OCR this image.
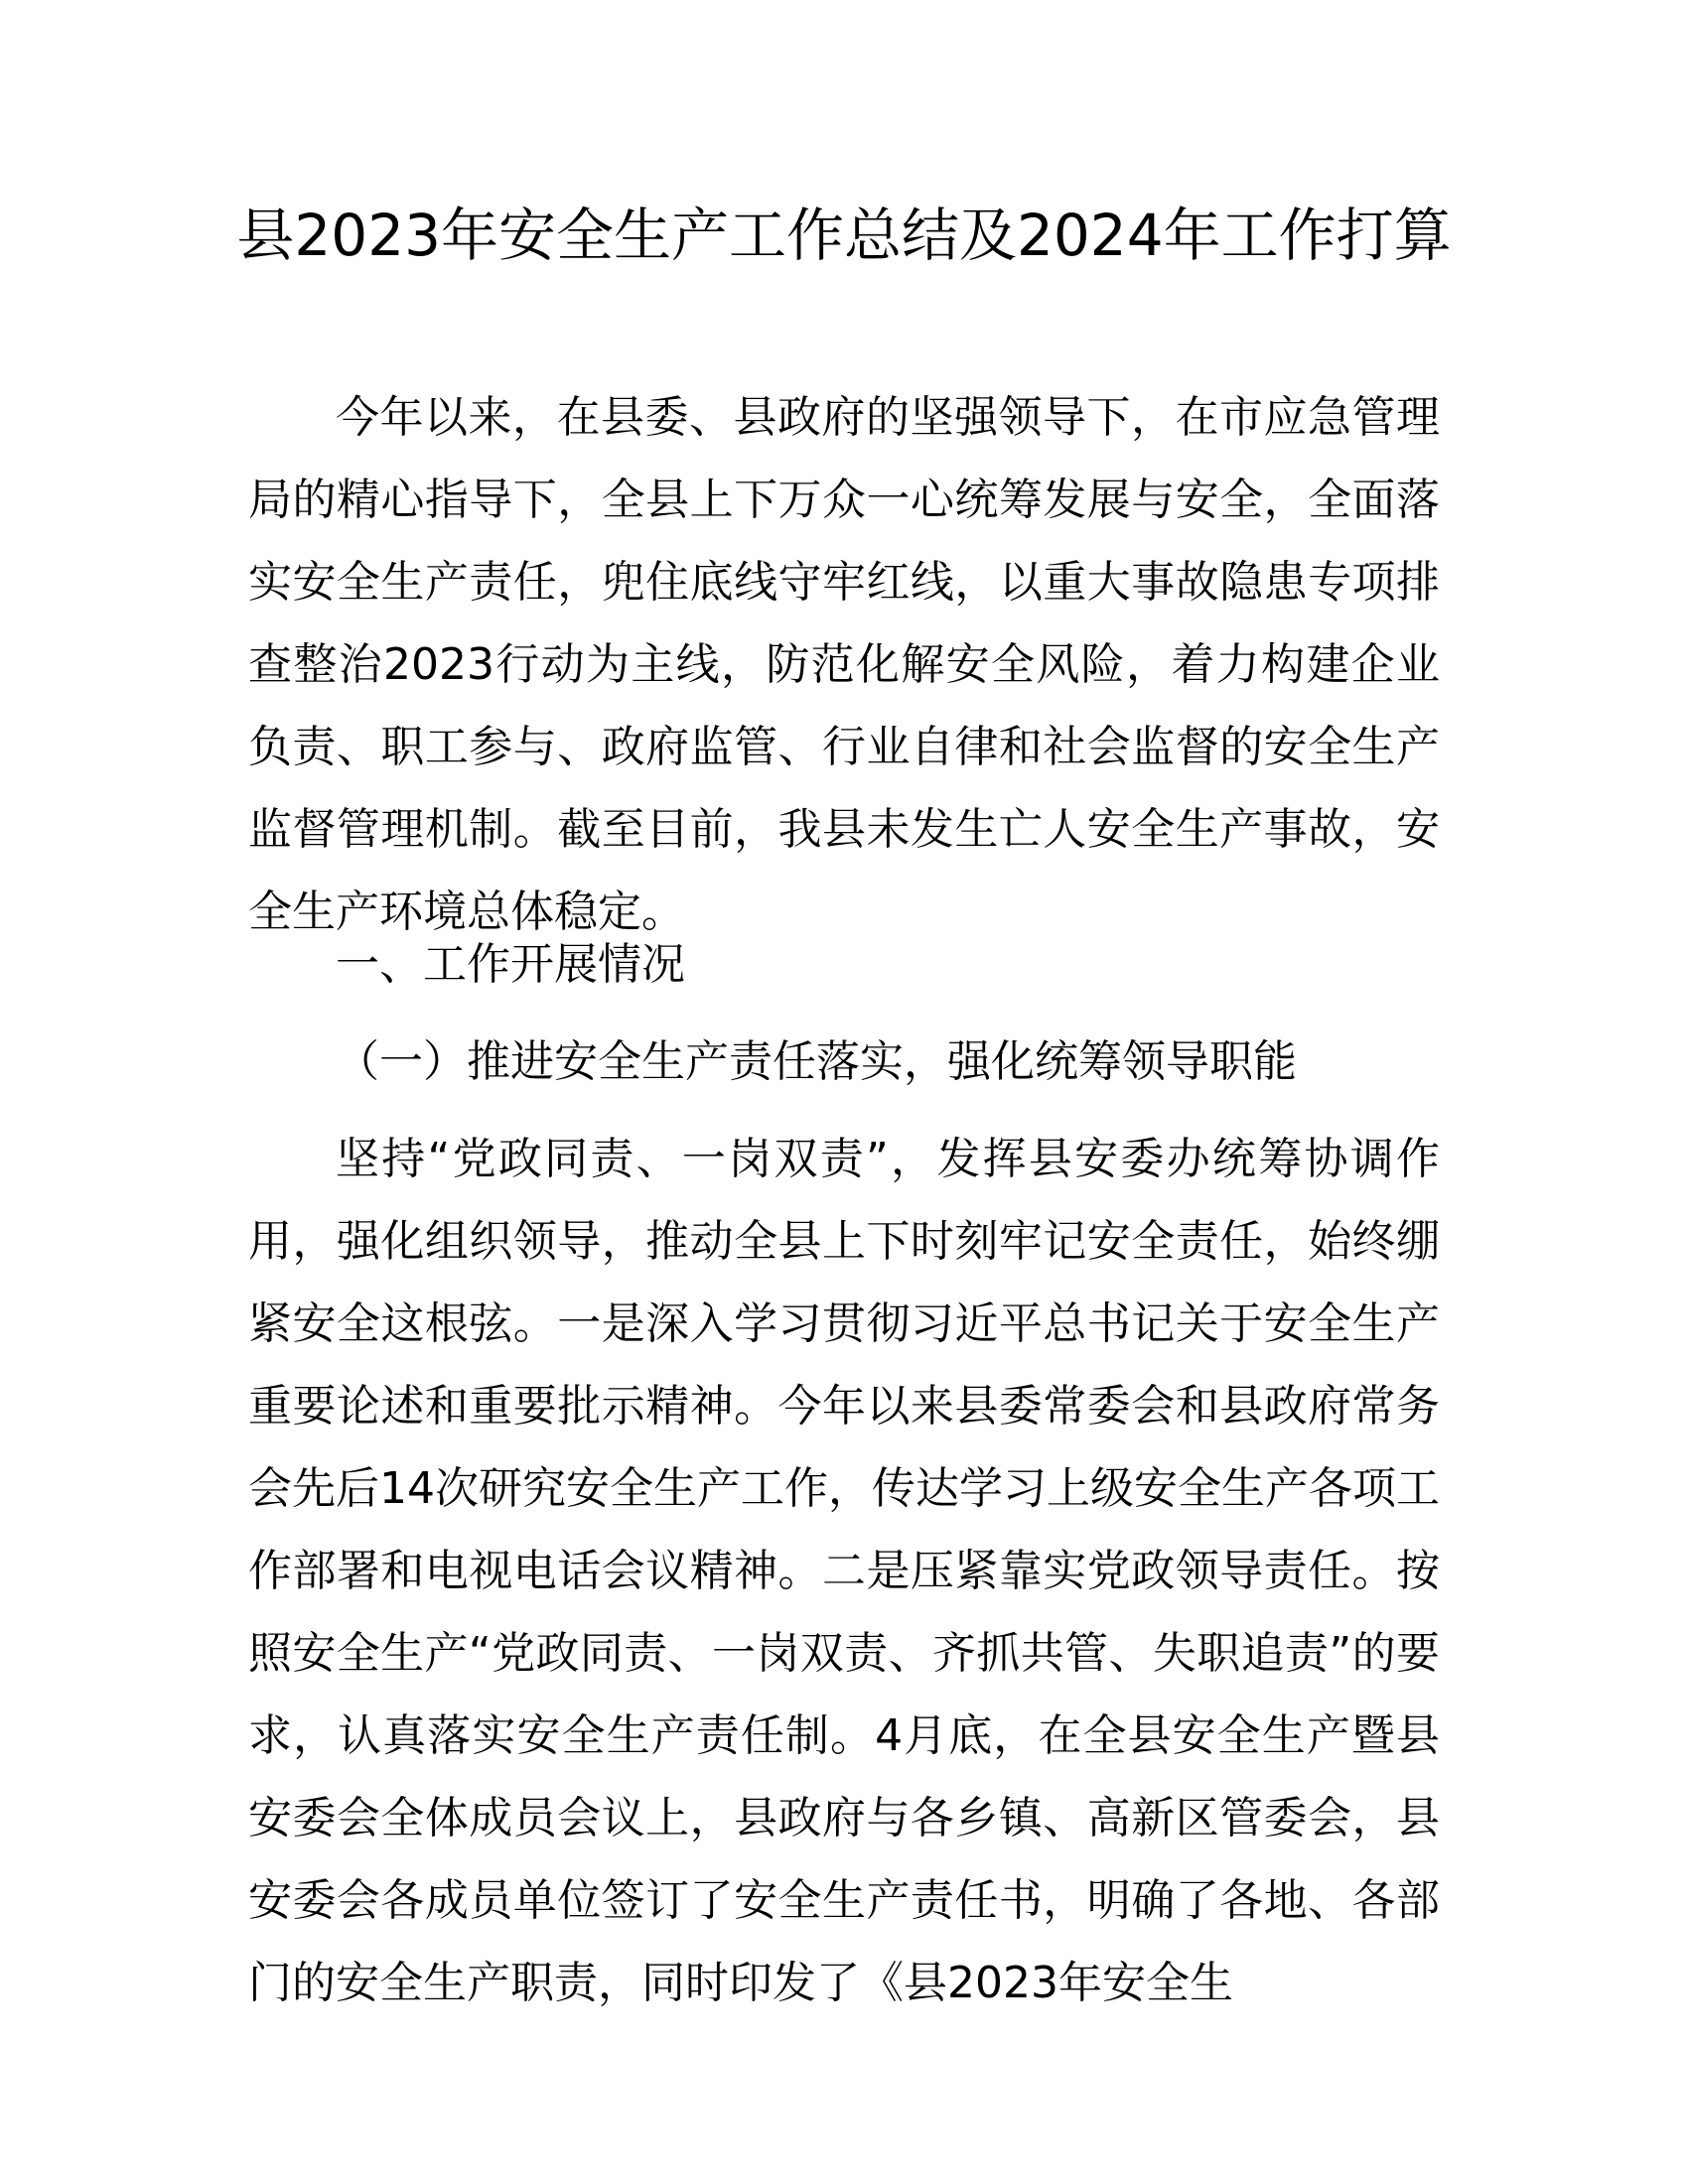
县2023年安全生产工作总结及2024年工作打算

今年以来，在县委、县政府的坚强领导下，在市应急管理局的精心指导下，全县上下万众一心统筹发展与安全，全面落实安全生产责任，兜住底线守牢红线，以重大事故隐患专项排查整治2023行动为主线，防范化解安全风险，着力构建企业负责、职工参与、政府监管、行业自律和社会监督的安全生产监督管理机制。截至目前，我县未发生亡人安全生产事故，安全生产环境总体稳定。

一、工作开展情况
（一）推进安全生产责任落实，强化统筹领导职能

坚持“党政同责、一岗双责”，发挥县安委办统筹协调作用，强化组织领导，推动全县上下时刻牢记安全责任，始终绷紧安全这根弦。一是深入学习贯彻习近平总书记关于安全生产重要论述和重要批示精神。今年以来县委常委会和县政府常务会先后14次研究安全生产工作，传达学习上级安全生产各项工作部署和电视电话会议精神。二是压紧靠实党政领导责任。按照安全生产“党政同责、一岗双责、齐抓共管、失职追责”的要求，认真落实安全生产责任制。4月底，在全县安全生产暨县安委会全体成员会议上，县政府与各乡镇、高新区管委会，县安委会各成员单位签订了安全生产责任书，明确了各地、各部门的安全生产职责，同时印发了《县2023年安全生
